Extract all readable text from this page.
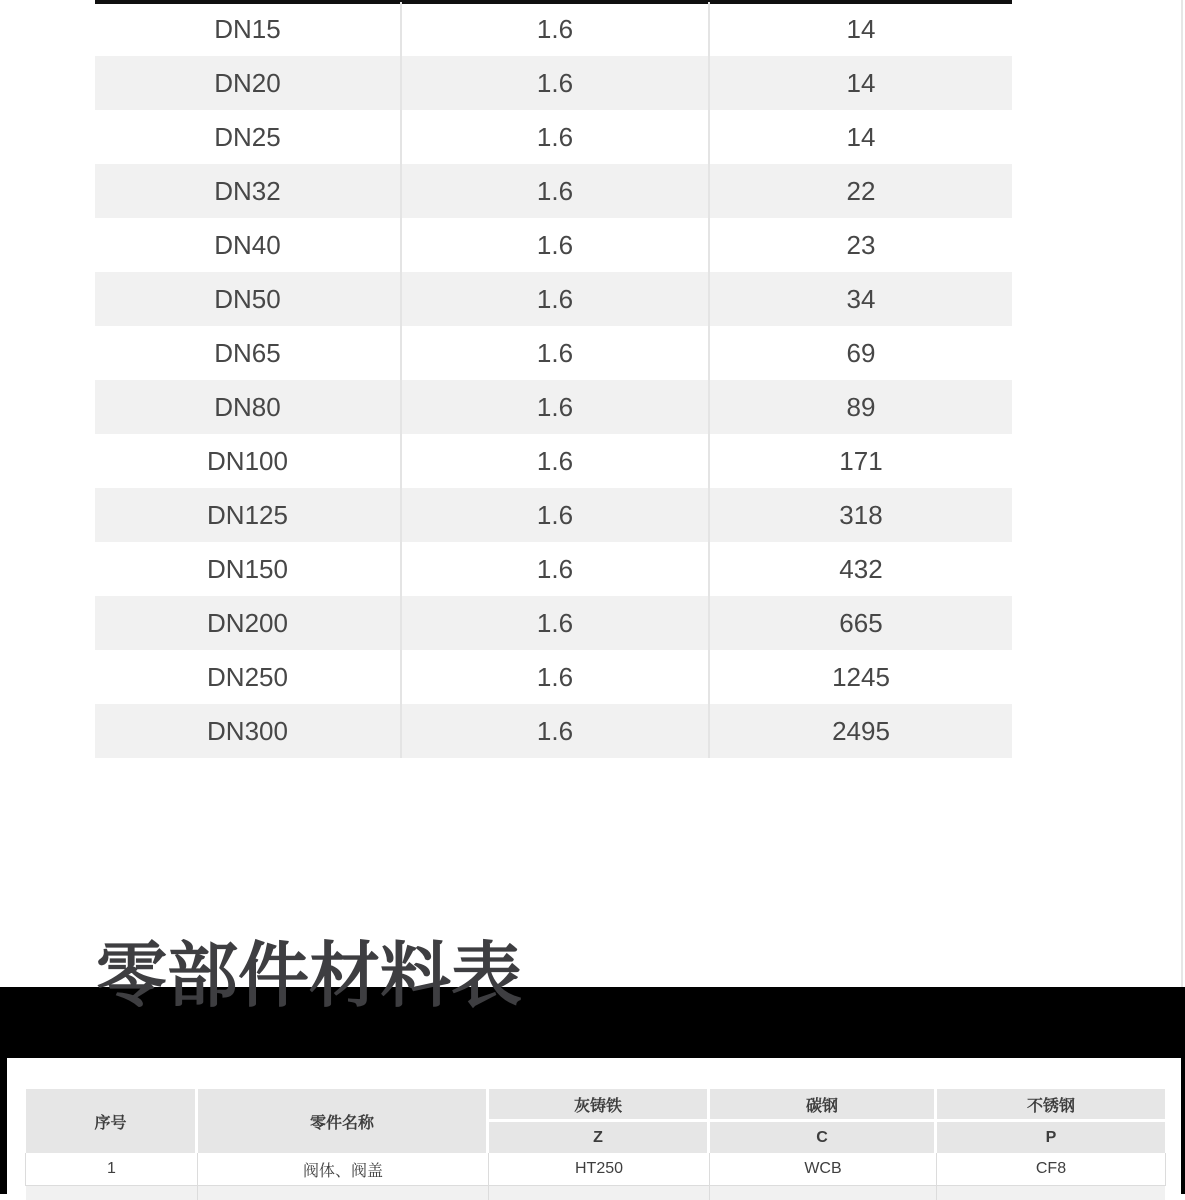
DN15	1.6	14
DN20	1.6	14
DN25	1.6	14
DN32	1.6	22
DN40	1.6	23
DN50	1.6	34
DN65	1.6	69
DN80	1.6	89
DN100	1.6	171
DN125	1.6	318
DN150	1.6	432
DN200	1.6	665
DN250	1.6	1245
DN300	1.6	2495
零部件材料表
序号	零件名称
灰铸铁	碳钢	不锈钢
Z	C	P
1	阀体、阀盖	HT250	WCB	CF8
